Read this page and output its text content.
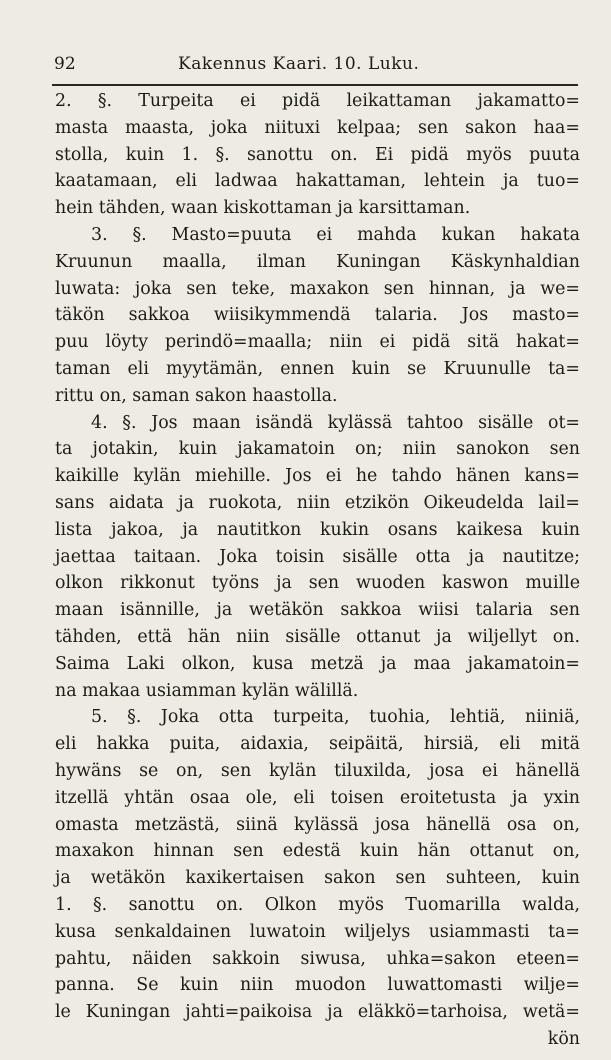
92	Kakennus Kaari. 10. Luku.
2. §. Turpeita ei pidä leikattaman jakamatto=
masta maasta, joka niituxi kelpaa; sen sakon haa=
stolla, kuin 1. §. sanottu on. Ei pidä myös puuta
kaatamaan, eli ladwaa hakattaman, lehtein ja tuo=
hein tähden, waan kiskottaman ja karsittaman.
3. §. Masto=puuta ei mahda kukan hakata
Kruunun maalla, ilman Kuningan Käskynhaldian
luwata: joka sen teke, maxakon sen hinnan, ja we=
täkön sakkoa wiisikymmendä talaria. Jos masto=
puu löyty perindö=maalla; niin ei pidä sitä hakat=
taman eli myytämän, ennen kuin se Kruunulle ta=
rittu on, saman sakon haastolla.
4. §. Jos maan isändä kylässä tahtoo sisälle ot=
ta jotakin, kuin jakamatoin on; niin sanokon sen
kaikille kylän miehille. Jos ei he tahdo hänen kans=
sans aidata ja ruokota, niin etzikön Oikeudelda lail=
lista jakoa, ja nautitkon kukin osans kaikesa kuin
jaettaa taitaan. Joka toisin sisälle otta ja nautitze;
olkon rikkonut työns ja sen wuoden kaswon muille
maan isännille, ja wetäkön sakkoa wiisi talaria sen
tähden, että hän niin sisälle ottanut ja wiljellyt on.
Saima Laki olkon, kusa metzä ja maa jakamatoin=
na makaa usiamman kylän wälillä.
5. §. Joka otta turpeita, tuohia, lehtiä, niiniä,
eli hakka puita, aidaxia, seipäitä, hirsiä, eli mitä
hywäns se on, sen kylän tiluxilda, josa ei hänellä
itzellä yhtän osaa ole, eli toisen eroitetusta ja yxin
omasta metzästä, siinä kylässä josa hänellä osa on,
maxakon hinnan sen edestä kuin hän ottanut on,
ja wetäkön kaxikertaisen sakon sen suhteen, kuin
1. §. sanottu on. Olkon myös Tuomarilla walda,
kusa senkaldainen luwatoin wiljelys usiammasti ta=
pahtu, näiden sakkoin siwusa, uhka=sakon eteen=
panna. Se kuin niin muodon luwattomasti wilje=
le Kuningan jahti=paikoisa ja eläkkö=tarhoisa, wetä=
kön
